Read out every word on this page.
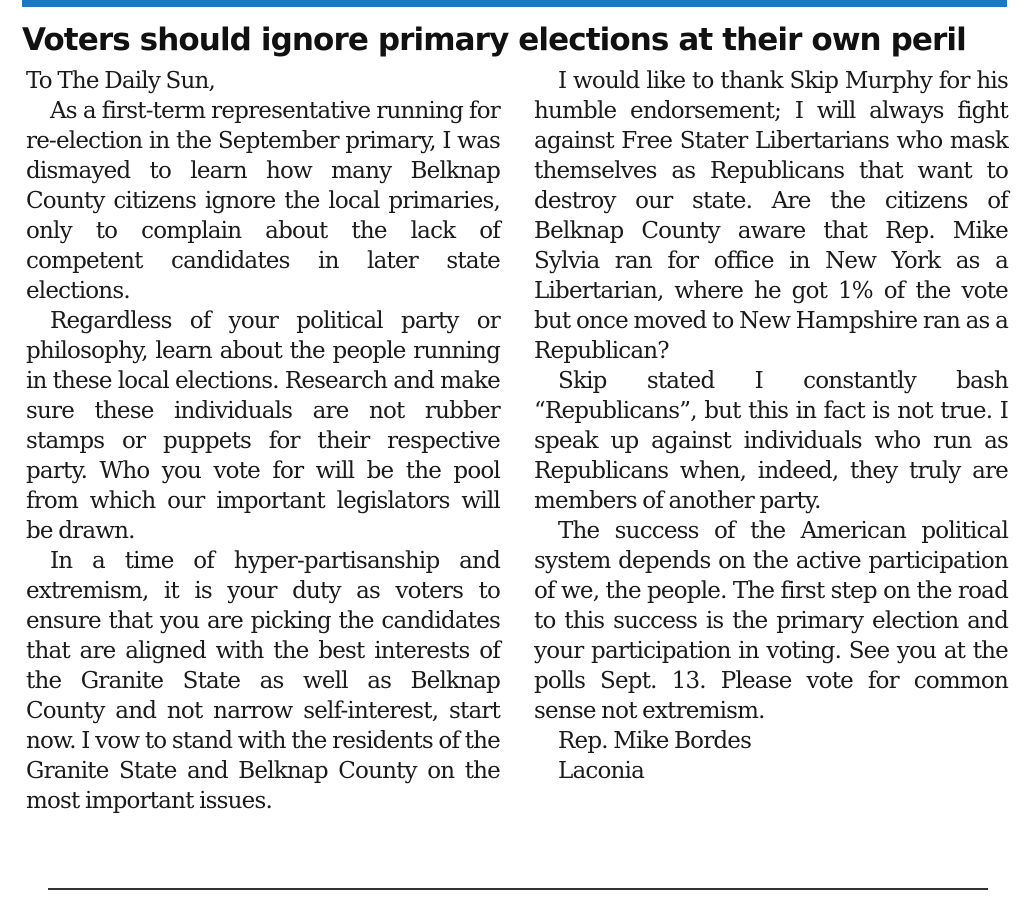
Voters should ignore primary elections at their own peril

To The Daily Sun,

As a first-term representative running for re-election in the September primary, I was dismayed to learn how many Belknap County citizens ignore the local primaries, only to complain about the lack of competent candidates in later state elections.

Regardless of your political party or philosophy, learn about the people running in these local elections. Research and make sure these individuals are not rubber stamps or puppets for their respective party. Who you vote for will be the pool from which our important legislators will be drawn.

In a time of hyper-partisanship and extremism, it is your duty as voters to ensure that you are picking the candidates that are aligned with the best interests of the Granite State as well as Belknap County and not narrow self-interest, start now. I vow to stand with the residents of the Granite State and Belknap County on the most important issues.

I would like to thank Skip Murphy for his humble endorsement; I will always fight against Free Stater Libertarians who mask themselves as Republicans that want to destroy our state. Are the citizens of Belknap County aware that Rep. Mike Sylvia ran for office in New York as a Libertarian, where he got 1% of the vote but once moved to New Hampshire ran as a Republican?

Skip stated I constantly bash “Republicans”, but this in fact is not true. I speak up against individuals who run as Republicans when, indeed, they truly are members of another party.

The success of the American political system depends on the active participation of we, the people. The first step on the road to this success is the primary election and your participation in voting. See you at the polls Sept. 13. Please vote for common sense not extremism.

Rep. Mike Bordes

Laconia
